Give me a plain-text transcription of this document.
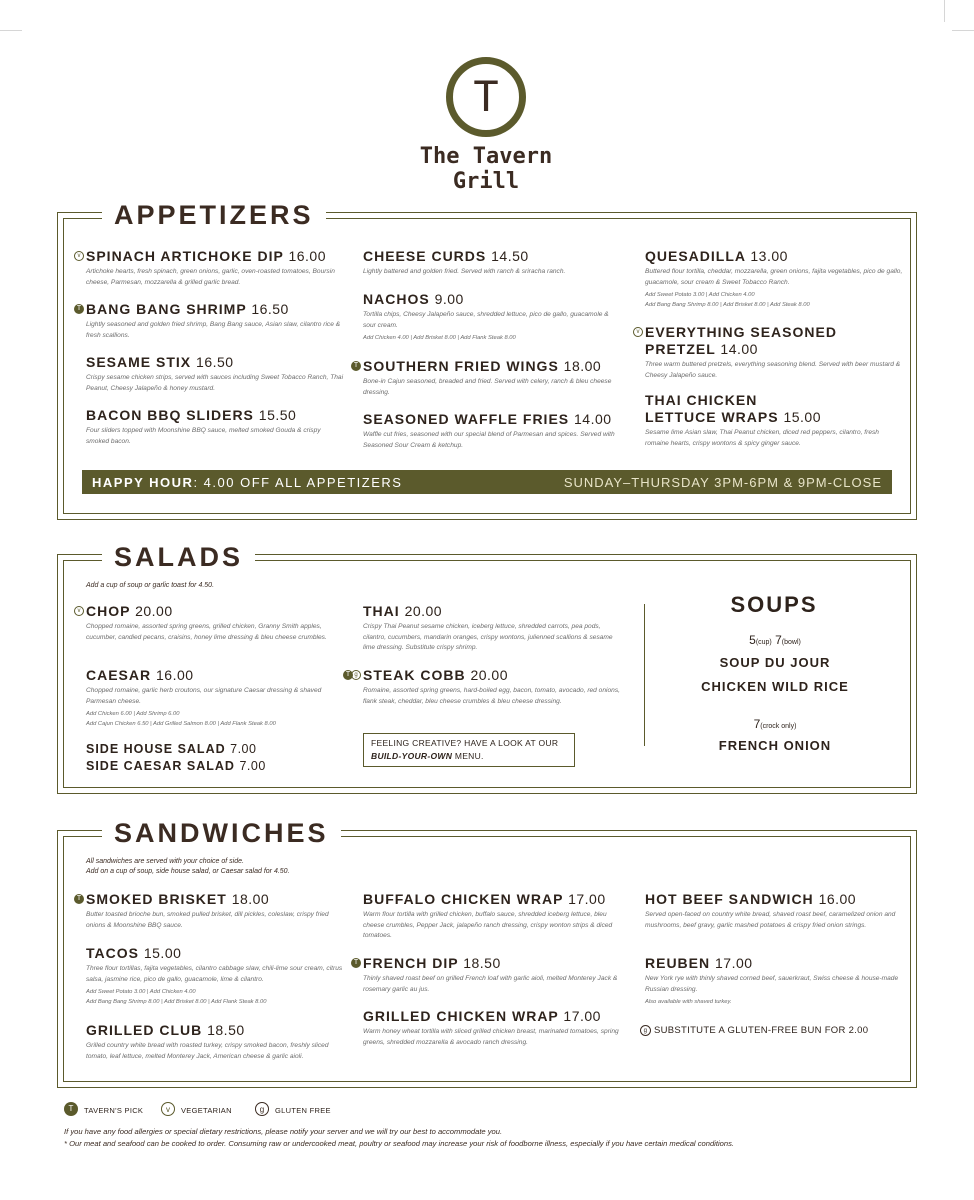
T
The Tavern
Grill
APPETIZERS
v SPINACH ARTICHOKE DIP 16.00
Artichoke hearts, fresh spinach, green onions, garlic, oven-roasted tomatoes, Boursin cheese, Parmesan, mozzarella & grilled garlic bread.
T BANG BANG SHRIMP 16.50
Lightly seasoned and golden fried shrimp, Bang Bang sauce, Asian slaw, cilantro rice & fresh scallions.
SESAME STIX 16.50
Crispy sesame chicken strips, served with sauces including Sweet Tobacco Ranch, Thai Peanut, Cheesy Jalapeño & honey mustard.
BACON BBQ SLIDERS 15.50
Four sliders topped with Moonshine BBQ sauce, melted smoked Gouda & crispy smoked bacon.
CHEESE CURDS 14.50
Lightly battered and golden fried. Served with ranch & sriracha ranch.
NACHOS 9.00
Tortilla chips, Cheesy Jalapeño sauce, shredded lettuce, pico de gallo, guacamole & sour cream.
Add Chicken 4.00 | Add Brisket 8.00 | Add Flank Steak 8.00
T SOUTHERN FRIED WINGS 18.00
Bone-in Cajun seasoned, breaded and fried. Served with celery, ranch & bleu cheese dressing.
SEASONED WAFFLE FRIES 14.00
Waffle cut fries, seasoned with our special blend of Parmesan and spices. Served with Seasoned Sour Cream & ketchup.
QUESADILLA 13.00
Buttered flour tortilla, cheddar, mozzarella, green onions, fajita vegetables, pico de gallo, guacamole, sour cream & Sweet Tobacco Ranch.
Add Sweet Potato 3.00 | Add Chicken 4.00
Add Bang Bang Shrimp 8.00 | Add Brisket 8.00 | Add Steak 8.00
v EVERYTHING SEASONED
PRETZEL 14.00
Three warm buttered pretzels, everything seasoning blend. Served with beer mustard & Cheesy Jalapeño sauce.
THAI CHICKEN
LETTUCE WRAPS 15.00
Sesame lime Asian slaw, Thai Peanut chicken, diced red peppers, cilantro, fresh romaine hearts, crispy wontons & spicy ginger sauce.
HAPPY HOUR: 4.00 OFF ALL APPETIZERS	SUNDAY–THURSDAY 3PM-6PM & 9PM-CLOSE
SALADS
Add a cup of soup or garlic toast for 4.50.
v CHOP 20.00
Chopped romaine, assorted spring greens, grilled chicken, Granny Smith apples, cucumber, candied pecans, craisins, honey lime dressing & bleu cheese crumbles.
CAESAR 16.00
Chopped romaine, garlic herb croutons, our signature Caesar dressing & shaved Parmesan cheese.
Add Chicken 6.00 | Add Shrimp 6.00
Add Cajun Chicken 6.50 | Add Grilled Salmon 8.00 | Add Flank Steak 8.00
SIDE HOUSE SALAD 7.00
SIDE CAESAR SALAD 7.00
THAI 20.00
Crispy Thai Peanut sesame chicken, iceberg lettuce, shredded carrots, pea pods, cilantro, cucumbers, mandarin oranges, crispy wontons, julienned scallions & sesame lime dressing. Substitute crispy shrimp.
T g STEAK COBB 20.00
Romaine, assorted spring greens, hard-boiled egg, bacon, tomato, avocado, red onions, flank steak, cheddar, bleu cheese crumbles & bleu cheese dressing.
FEELING CREATIVE? HAVE A LOOK AT OUR
BUILD-YOUR-OWN MENU.
SOUPS
5(cup) 7(bowl)
SOUP DU JOUR
CHICKEN WILD RICE
7(crock only)
FRENCH ONION
SANDWICHES
All sandwiches are served with your choice of side.
Add on a cup of soup, side house salad, or Caesar salad for 4.50.
T SMOKED BRISKET 18.00
Butter toasted brioche bun, smoked pulled brisket, dill pickles, coleslaw, crispy fried onions & Moonshine BBQ sauce.
TACOS 15.00
Three flour tortillas, fajita vegetables, cilantro cabbage slaw, chili-lime sour cream, citrus salsa, jasmine rice, pico de gallo, guacamole, lime & cilantro.
Add Sweet Potato 3.00 | Add Chicken 4.00
Add Bang Bang Shrimp 8.00 | Add Brisket 8.00 | Add Flank Steak 8.00
GRILLED CLUB 18.50
Grilled country white bread with roasted turkey, crispy smoked bacon, freshly sliced tomato, leaf lettuce, melted Monterey Jack, American cheese & garlic aioli.
BUFFALO CHICKEN WRAP 17.00
Warm flour tortilla with grilled chicken, buffalo sauce, shredded iceberg lettuce, bleu cheese crumbles, Pepper Jack, jalapeño ranch dressing, crispy wonton strips & diced tomatoes.
T FRENCH DIP 18.50
Thinly shaved roast beef on grilled French loaf with garlic aioli, melted Monterey Jack & rosemary garlic au jus.
GRILLED CHICKEN WRAP 17.00
Warm honey wheat tortilla with sliced grilled chicken breast, marinated tomatoes, spring greens, shredded mozzarella & avocado ranch dressing.
HOT BEEF SANDWICH 16.00
Served open-faced on country white bread, shaved roast beef, caramelized onion and mushrooms, beef gravy, garlic mashed potatoes & crispy fried onion strings.
REUBEN 17.00
New York rye with thinly shaved corned beef, sauerkraut, Swiss cheese & house-made Russian dressing.
Also available with shaved turkey.
g SUBSTITUTE A GLUTEN-FREE BUN FOR 2.00
T	TAVERN'S PICK	v	VEGETARIAN	g	GLUTEN FREE
If you have any food allergies or special dietary restrictions, please notify your server and we will try our best to accommodate you.
* Our meat and seafood can be cooked to order. Consuming raw or undercooked meat, poultry or seafood may increase your risk of foodborne illness, especially if you have certain medical conditions.
